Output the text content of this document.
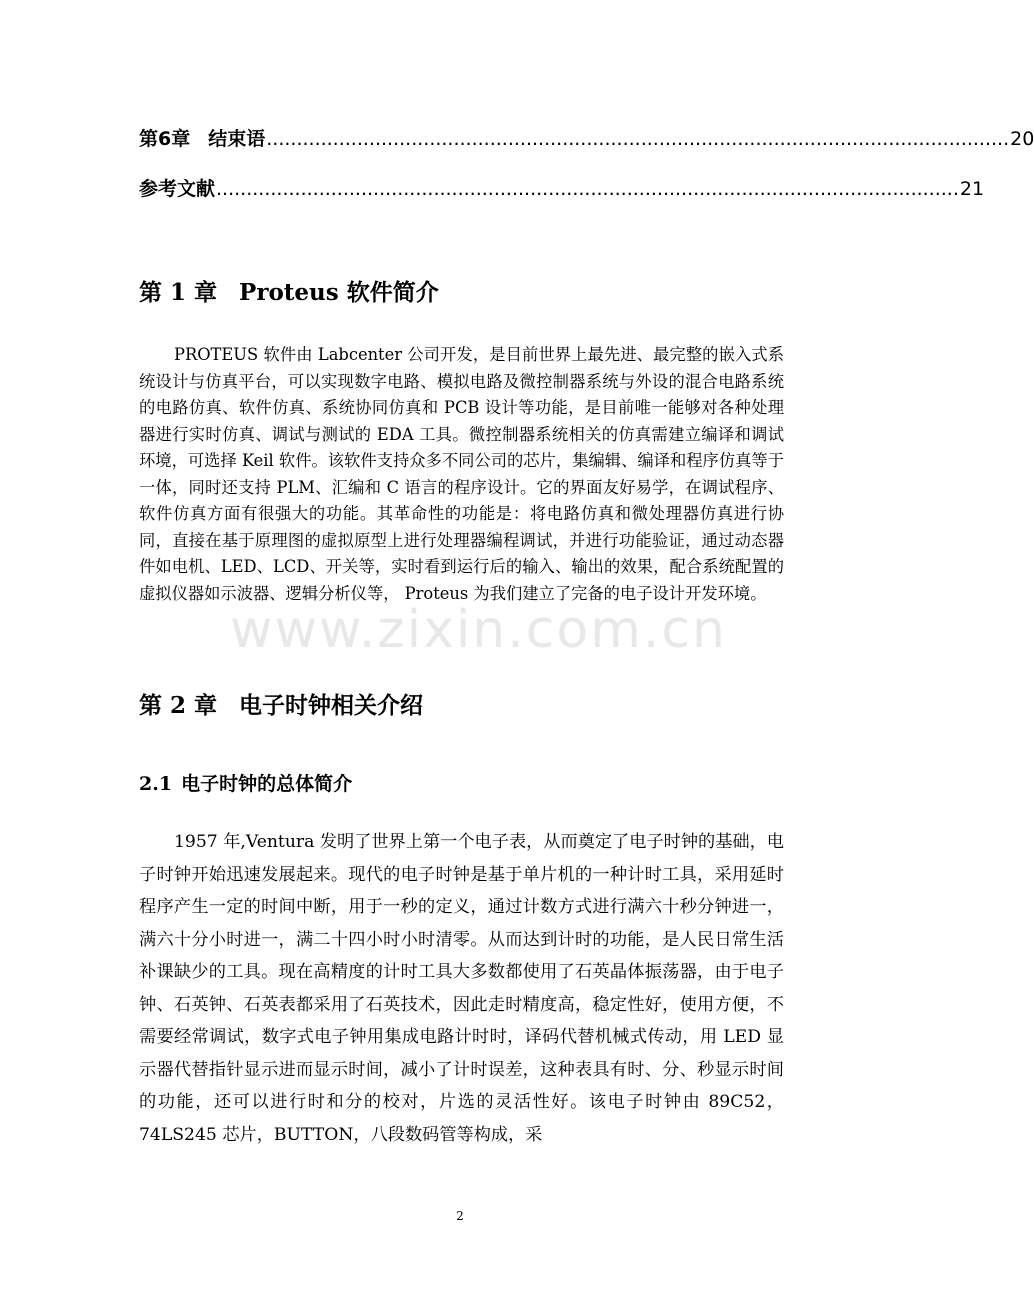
第6章 结束语 ........................................................................................................................... 20
参考文献 ........................................................................................................................... 21
第 1 章 Proteus 软件简介
PROTEUS 软件由 Labcenter 公司开发，是目前世界上最先进、最完整的嵌入式系统设计与仿真平台，可以实现数字电路、模拟电路及微控制器系统与外设的混合电路系统的电路仿真、软件仿真、系统协同仿真和 PCB 设计等功能，是目前唯一能够对各种处理器进行实时仿真、调试与测试的 EDA 工具。微控制器系统相关的仿真需建立编译和调试环境，可选择 Keil 软件。该软件支持众多不同公司的芯片，集编辑、编译和程序仿真等于一体，同时还支持 PLM、汇编和 C 语言的程序设计。它的界面友好易学，在调试程序、软件仿真方面有很强大的功能。其革命性的功能是：将电路仿真和微处理器仿真进行协同，直接在基于原理图的虚拟原型上进行处理器编程调试，并进行功能验证，通过动态器件如电机、LED、LCD、开关等，实时看到运行后的输入、输出的效果，配合系统配置的虚拟仪器如示波器、逻辑分析仪等， Proteus 为我们建立了完备的电子设计开发环境。
www.zixin.com.cn
第 2 章 电子时钟相关介绍
2.1 电子时钟的总体简介
1957 年,Ventura 发明了世界上第一个电子表，从而奠定了电子时钟的基础，电子时钟开始迅速发展起来。现代的电子时钟是基于单片机的一种计时工具，采用延时程序产生一定的时间中断，用于一秒的定义，通过计数方式进行满六十秒分钟进一，满六十分小时进一，满二十四小时小时清零。从而达到计时的功能，是人民日常生活补课缺少的工具。现在高精度的计时工具大多数都使用了石英晶体振荡器，由于电子钟、石英钟、石英表都采用了石英技术，因此走时精度高，稳定性好，使用方便，不需要经常调试，数字式电子钟用集成电路计时时，译码代替机械式传动，用 LED 显示器代替指针显示进而显示时间，减小了计时误差，这种表具有时、分、秒显示时间的功能，还可以进行时和分的校对，片选的灵活性好。该电子时钟由 89C52，74LS245 芯片，BUTTON，八段数码管等构成，采
2
